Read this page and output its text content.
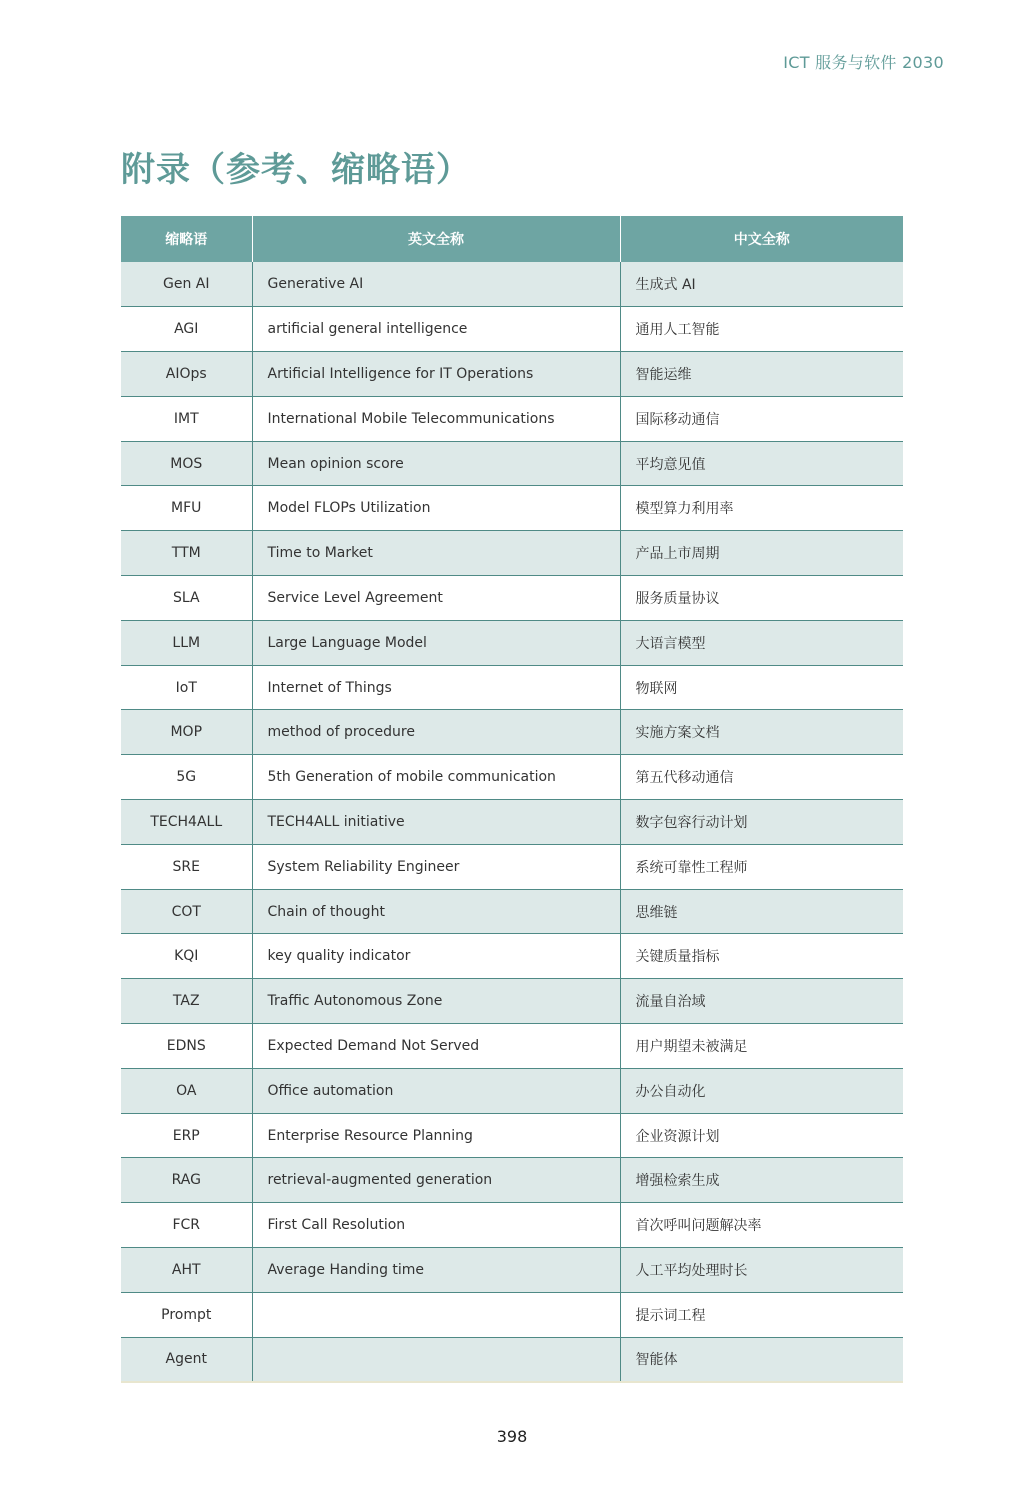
ICT 服务与软件 2030
附录（参考、缩略语）
缩略语	英文全称	中文全称
Gen AI	Generative AI	生成式 AI
AGI	artificial general intelligence	通用人工智能
AIOps	Artificial Intelligence for IT Operations	智能运维
IMT	International Mobile Telecommunications	国际移动通信
MOS	Mean opinion score	平均意见值
MFU	Model FLOPs Utilization	模型算力利用率
TTM	Time to Market	产品上市周期
SLA	Service Level Agreement	服务质量协议
LLM	Large Language Model	大语言模型
IoT	Internet of Things	物联网
MOP	method of procedure	实施方案文档
5G	5th Generation of mobile communication	第五代移动通信
TECH4ALL	TECH4ALL initiative	数字包容行动计划
SRE	System Reliability Engineer	系统可靠性工程师
COT	Chain of thought	思维链
KQI	key quality indicator	关键质量指标
TAZ	Traffic Autonomous Zone	流量自治域
EDNS	Expected Demand Not Served	用户期望未被满足
OA	Office automation	办公自动化
ERP	Enterprise Resource Planning	企业资源计划
RAG	retrieval-augmented generation	增强检索生成
FCR	First Call Resolution	首次呼叫问题解决率
AHT	Average Handing time	人工平均处理时长
Prompt		提示词工程
Agent		智能体
398
